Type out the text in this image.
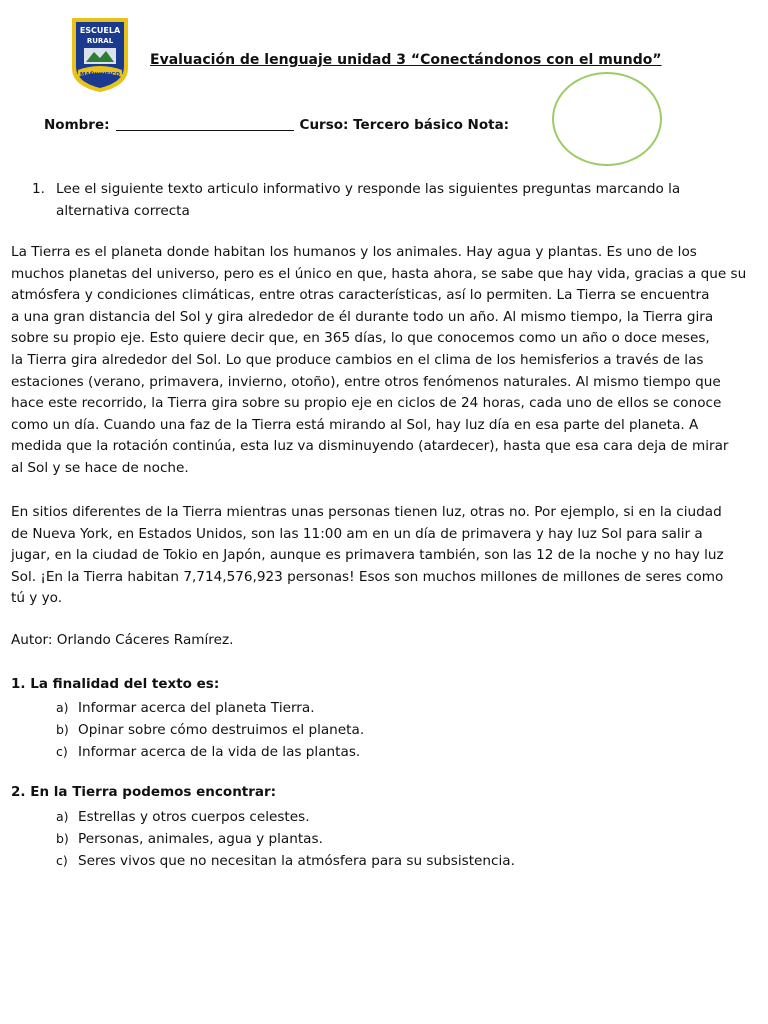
ESCUELA
RURAL
MAÑIHUEICO
Evaluación de lenguaje unidad 3 “Conectándonos con el mundo”
Nombre:	Curso: Tercero básico Nota:
1. Lee el siguiente texto articulo informativo y responde las siguientes preguntas marcando la alternativa correcta
La Tierra es el planeta donde habitan los humanos y los animales. Hay agua y plantas. Es uno de los
muchos planetas del universo, pero es el único en que, hasta ahora, se sabe que hay vida, gracias a que su
atmósfera y condiciones climáticas, entre otras características, así lo permiten. La Tierra se encuentra
a una gran distancia del Sol y gira alrededor de él durante todo un año. Al mismo tiempo, la Tierra gira
sobre su propio eje. Esto quiere decir que, en 365 días, lo que conocemos como un año o doce meses,
la Tierra gira alrededor del Sol. Lo que produce cambios en el clima de los hemisferios a través de las
estaciones (verano, primavera, invierno, otoño), entre otros fenómenos naturales. Al mismo tiempo que
hace este recorrido, la Tierra gira sobre su propio eje en ciclos de 24 horas, cada uno de ellos se conoce
como un día. Cuando una faz de la Tierra está mirando al Sol, hay luz día en esa parte del planeta. A
medida que la rotación continúa, esta luz va disminuyendo (atardecer), hasta que esa cara deja de mirar
al Sol y se hace de noche.
En sitios diferentes de la Tierra mientras unas personas tienen luz, otras no. Por ejemplo, si en la ciudad
de Nueva York, en Estados Unidos, son las 11:00 am en un día de primavera y hay luz Sol para salir a
jugar, en la ciudad de Tokio en Japón, aunque es primavera también, son las 12 de la noche y no hay luz
Sol. ¡En la Tierra habitan 7,714,576,923 personas! Esos son muchos millones de millones de seres como
tú y yo.
Autor: Orlando Cáceres Ramírez.
1. La finalidad del texto es:
a) Informar acerca del planeta Tierra.
b) Opinar sobre cómo destruimos el planeta.
c) Informar acerca de la vida de las plantas.
2. En la Tierra podemos encontrar:
a) Estrellas y otros cuerpos celestes.
b) Personas, animales, agua y plantas.
c) Seres vivos que no necesitan la atmósfera para su subsistencia.
